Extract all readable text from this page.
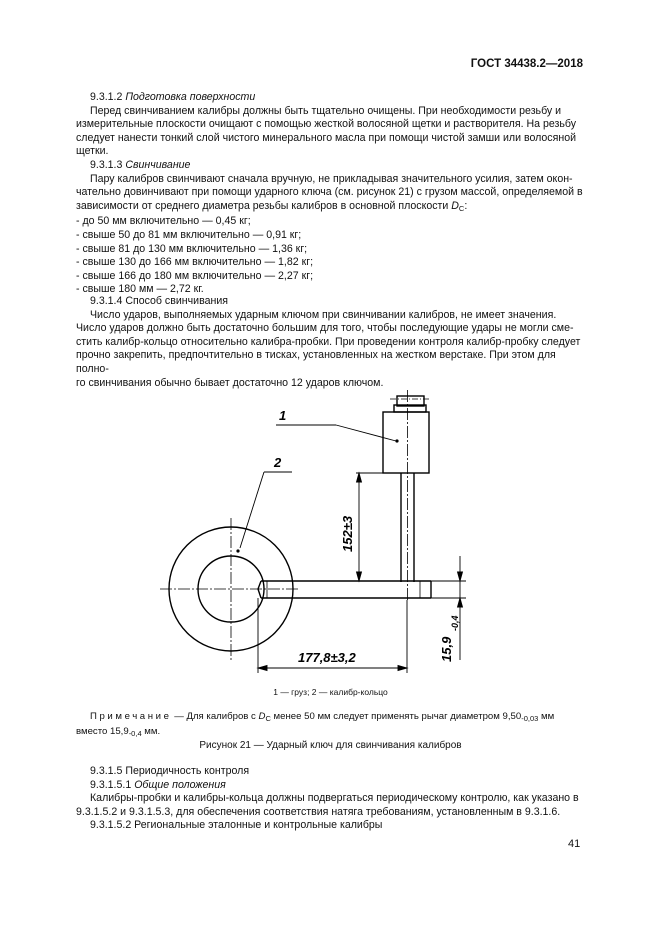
ГОСТ 34438.2—2018

9.3.1.2 Подготовка поверхности

Перед свинчиванием калибры должны быть тщательно очищены. При необходимости резьбу и

измерительные плоскости очищают с помощью жесткой волосяной щетки и растворителя. На резьбу

следует нанести тонкий слой чистого минерального масла при помощи чистой замши или волосяной

щетки.

9.3.1.3 Свинчивание

Пару калибров свинчивают сначала вручную, не прикладывая значительного усилия, затем окон-

чательно довинчивают при помощи ударного ключа (см. рисунок 21) с грузом массой, определяемой в

зависимости от среднего диаметра резьбы калибров в основной плоскости $D_C$:

- до 50 мм включительно — 0,45 кг;

- свыше 50 до 81 мм включительно — 0,91 кг;

- свыше 81 до 130 мм включительно — 1,36 кг;

- свыше 130 до 166 мм включительно — 1,82 кг;

- свыше 166 до 180 мм включительно — 2,27 кг;

- свыше 180 мм — 2,72 кг.

9.3.1.4 Способ свинчивания

Число ударов, выполняемых ударным ключом при свинчивании калибров, не имеет значения.

Число ударов должно быть достаточно большим для того, чтобы последующие удары не могли сме-

стить калибр-кольцо относительно калибра-пробки. При проведении контроля калибр-пробку следует

прочно закрепить, предпочтительно в тисках, установленных на жестком верстаке. При этом для полно-

го свинчивания обычно бывает достаточно 12 ударов ключом.

1
2
152±3
177,8±3,2	15,9
-0,4
1 — груз; 2 — калибр-кольцо

Примечание — Для калибров с $D_C$ менее 50 мм следует применять рычаг диаметром $9,50_{-0,03}$ мм

вместо $15,9_{-0,4}$ мм.

Рисунок 21 — Ударный ключ для свинчивания калибров

9.3.1.5 Периодичность контроля

9.3.1.5.1 Общие положения

Калибры-пробки и калибры-кольца должны подвергаться периодическому контролю, как указано в

9.3.1.5.2 и 9.3.1.5.3, для обеспечения соответствия натяга требованиям, установленным в 9.3.1.6.

9.3.1.5.2 Региональные эталонные и контрольные калибры

41
